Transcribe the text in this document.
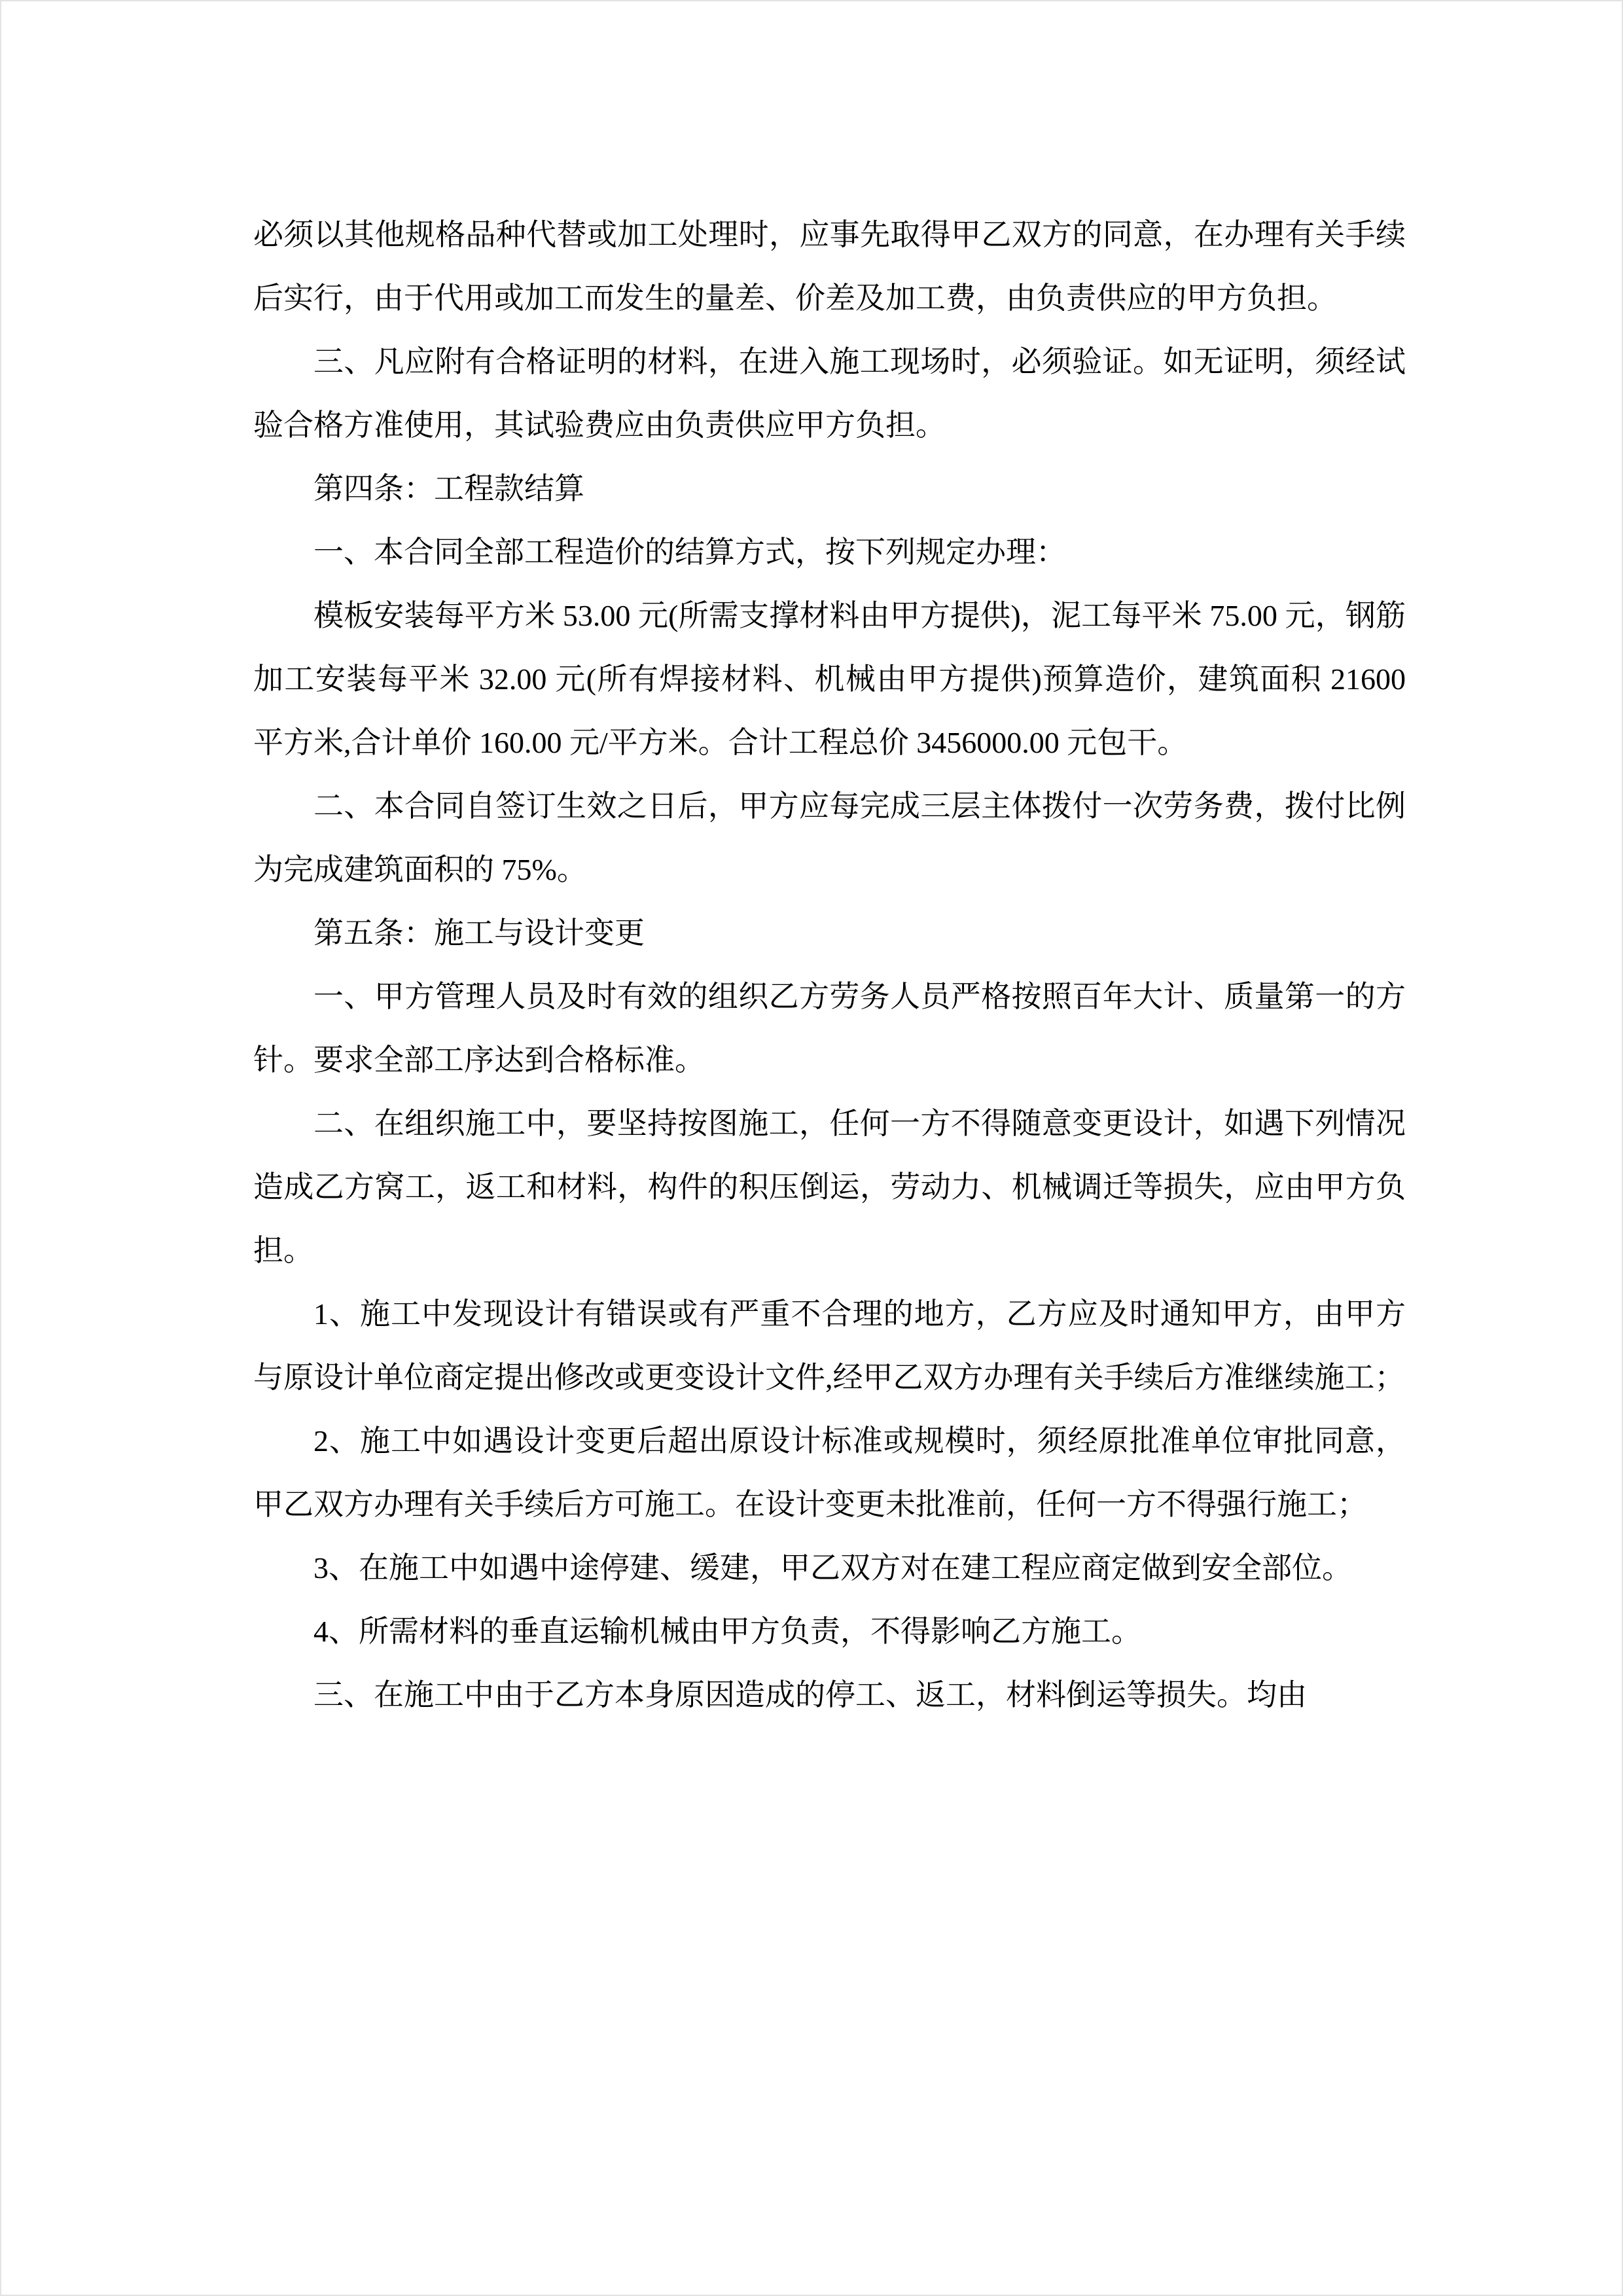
必须以其他规格品种代替或加工处理时，应事先取得甲乙双方的同意，在办理有关手续后实行，由于代用或加工而发生的量差、价差及加工费，由负责供应的甲方负担。

三、凡应附有合格证明的材料，在进入施工现场时，必须验证。如无证明，须经试验合格方准使用，其试验费应由负责供应甲方负担。

第四条：工程款结算

一、本合同全部工程造价的结算方式，按下列规定办理：

模板安装每平方米 53.00 元(所需支撑材料由甲方提供)，泥工每平米 75.00 元，钢筋加工安装每平米 32.00 元(所有焊接材料、机械由甲方提供)预算造价，建筑面积 21600 平方米,合计单价 160.00 元/平方米。合计工程总价 3456000.00 元包干。

二、本合同自签订生效之日后，甲方应每完成三层主体拨付一次劳务费，拨付比例为完成建筑面积的 75%。

第五条：施工与设计变更

一、甲方管理人员及时有效的组织乙方劳务人员严格按照百年大计、质量第一的方针。要求全部工序达到合格标准。

二、在组织施工中，要坚持按图施工，任何一方不得随意变更设计，如遇下列情况造成乙方窝工，返工和材料，构件的积压倒运，劳动力、机械调迁等损失，应由甲方负担。

1、施工中发现设计有错误或有严重不合理的地方，乙方应及时通知甲方，由甲方与原设计单位商定提出修改或更变设计文件,经甲乙双方办理有关手续后方准继续施工；

2、施工中如遇设计变更后超出原设计标准或规模时，须经原批准单位审批同意，甲乙双方办理有关手续后方可施工。在设计变更未批准前，任何一方不得强行施工；

3、在施工中如遇中途停建、缓建，甲乙双方对在建工程应商定做到安全部位。

4、所需材料的垂直运输机械由甲方负责，不得影响乙方施工。

三、在施工中由于乙方本身原因造成的停工、返工，材料倒运等损失。均由
